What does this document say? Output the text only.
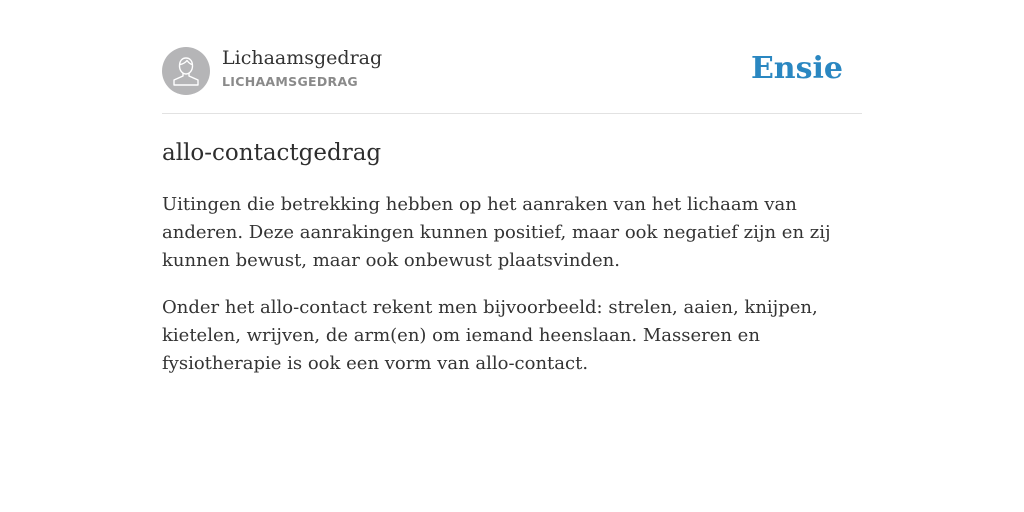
Lichaamsgedrag
LICHAAMSGEDRAG	Ensie
allo-contactgedrag

Uitingen die betrekking hebben op het aanraken van het lichaam van anderen. Deze aanrakingen kunnen positief, maar ook negatief zijn en zij kunnen bewust, maar ook onbewust plaatsvinden.

Onder het allo-contact rekent men bijvoorbeeld: strelen, aaien, knijpen, kietelen, wrijven, de arm(en) om iemand heenslaan. Masseren en fysiotherapie is ook een vorm van allo-contact.
